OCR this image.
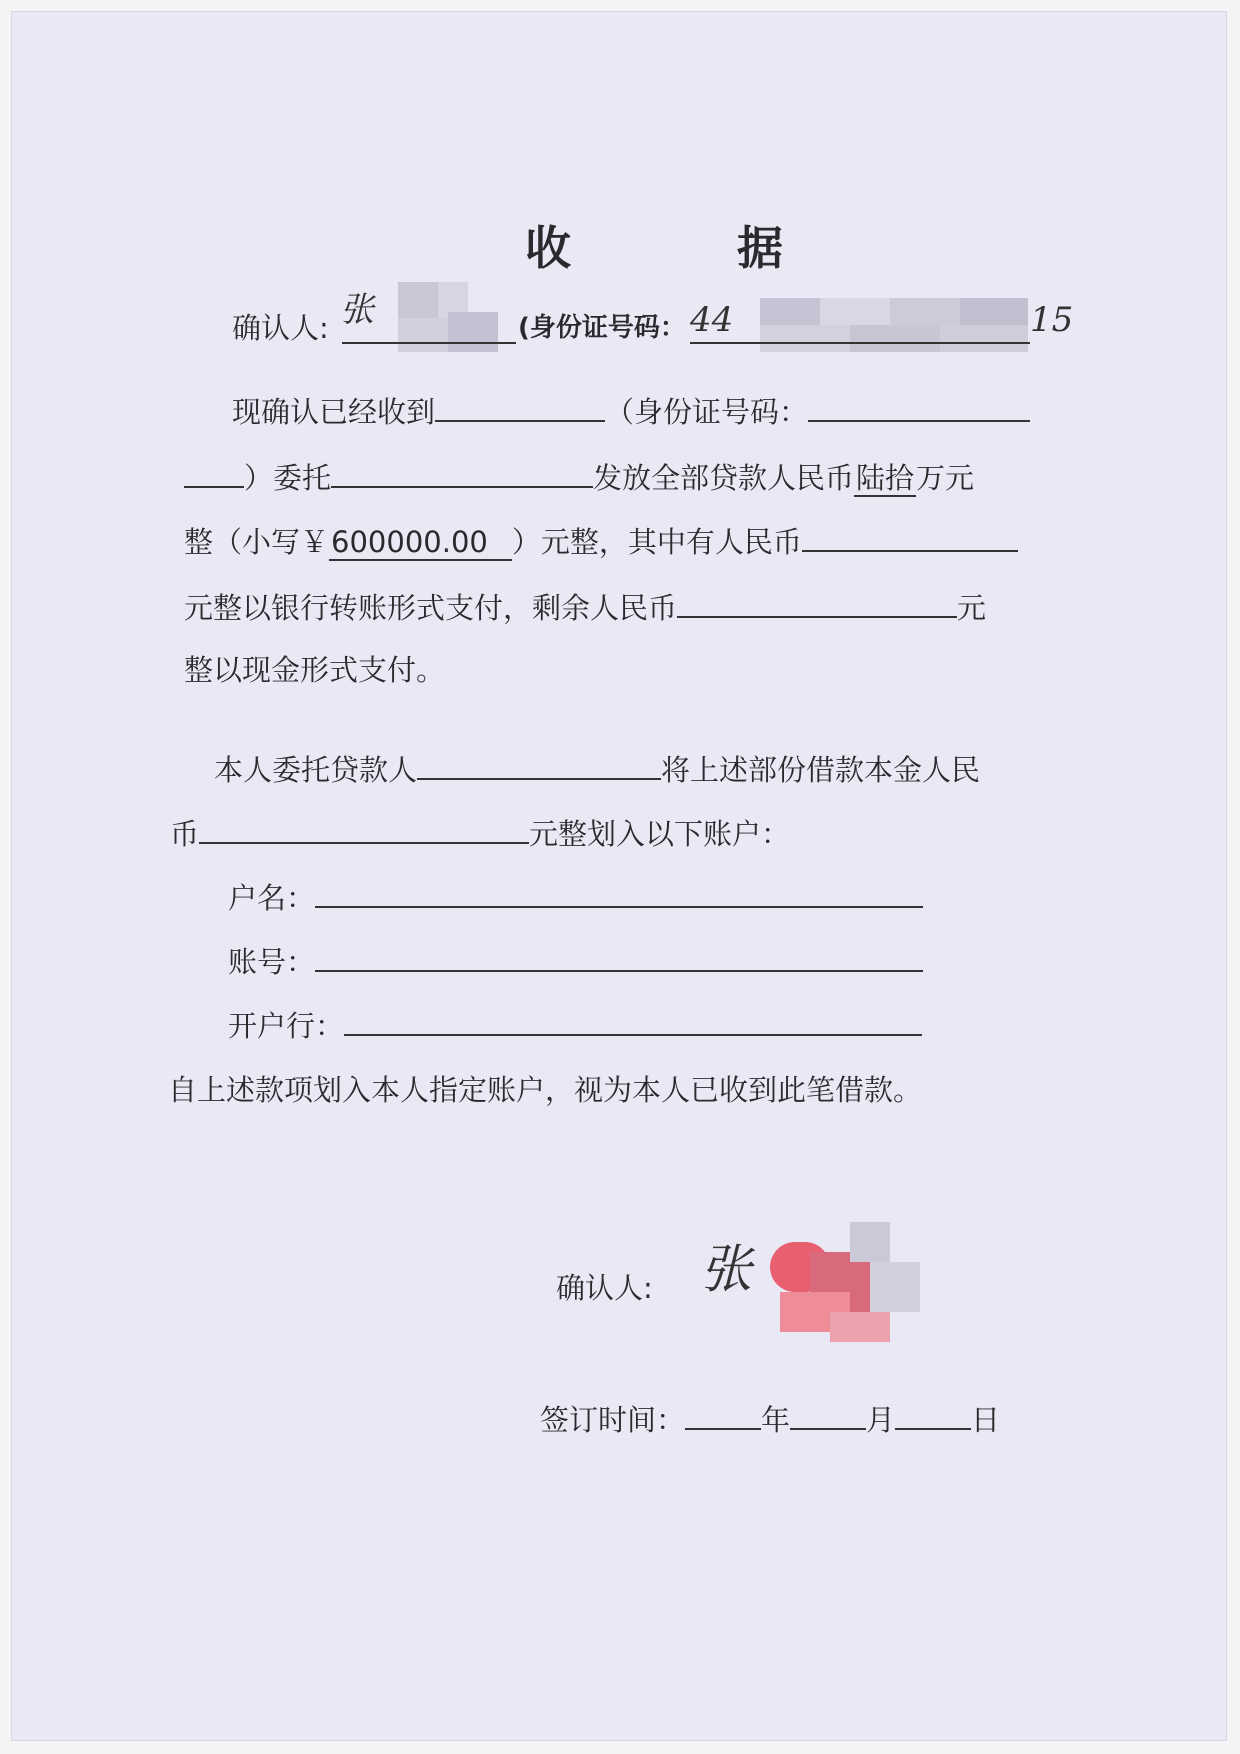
收　据
确认人: 张	(身份证号码： 44	15
现确认已经收到	（身份证号码：
）委托	发放全部贷款人民币陆拾万元
整（小写￥600000.00 ）元整，其中有人民币
元整以银行转账形式支付，剩余人民币	元
整以现金形式支付。
本人委托贷款人	将上述部份借款本金人民
币	元整划入以下账户：
户名：
账号：
开户行：
自上述款项划入本人指定账户，视为本人已收到此笔借款。
确认人: 张
签订时间：	年	月	日
